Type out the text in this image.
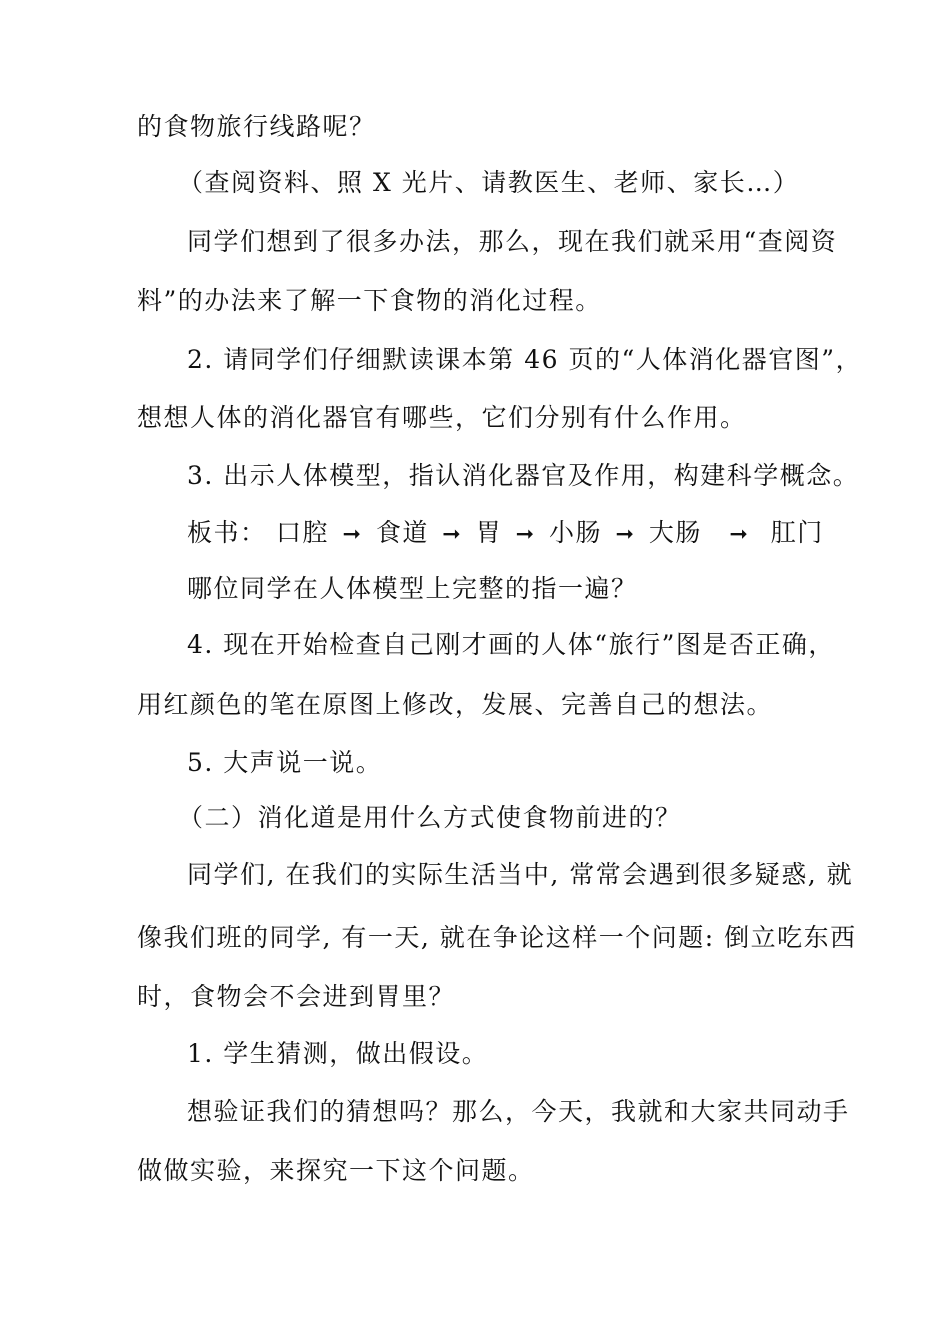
的食物旅行线路呢？
（查阅资料、照 X 光片、请教医生、老师、家长…）
同学们想到了很多办法，那么，现在我们就采用“查阅资
料”的办法来了解一下食物的消化过程。
2. 请同学们仔细默读课本第 46 页的“人体消化器官图”，
想想人体的消化器官有哪些，它们分别有什么作用。
3. 出示人体模型，指认消化器官及作用，构建科学概念。
板书： 口腔 ➞ 食道 ➞ 胃 ➞ 小肠 ➞ 大肠 ➞ 肛门
哪位同学在人体模型上完整的指一遍？
4. 现在开始检查自己刚才画的人体“旅行”图是否正确，
用红颜色的笔在原图上修改，发展、完善自己的想法。
5. 大声说一说。
（二）消化道是用什么方式使食物前进的？
同学们, 在我们的实际生活当中, 常常会遇到很多疑惑, 就
像我们班的同学, 有一天, 就在争论这样一个问题: 倒立吃东西
时，食物会不会进到胃里？
1. 学生猜测，做出假设。
想验证我们的猜想吗？那么，今天，我就和大家共同动手
做做实验，来探究一下这个问题。
